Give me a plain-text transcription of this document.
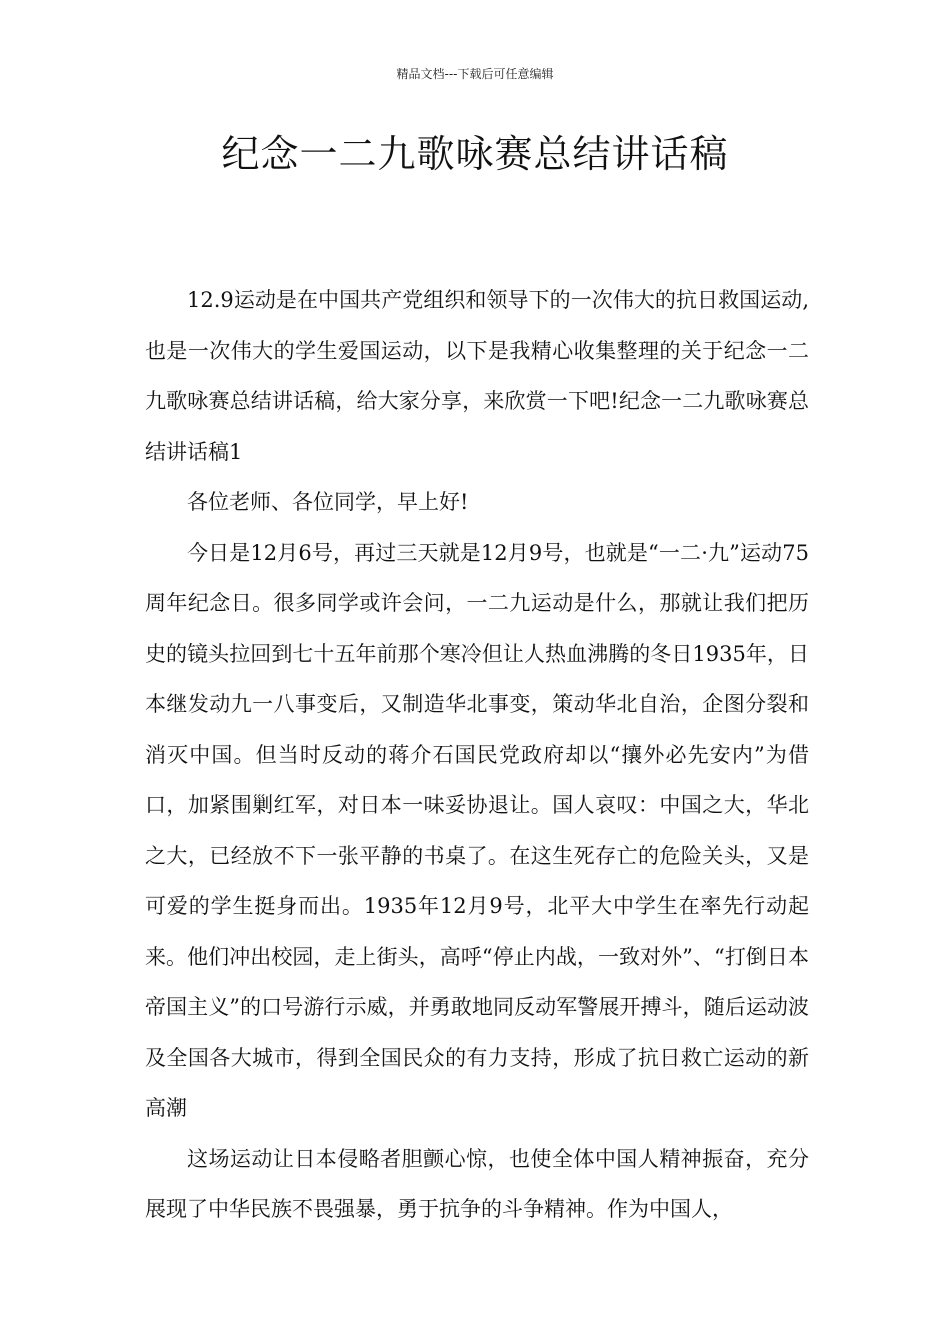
精品文档---下载后可任意编辑
纪念一二九歌咏赛总结讲话稿

12.9运动是在中国共产党组织和领导下的一次伟大的抗日救国运动,也是一次伟大的学生爱国运动，以下是我精心收集整理的关于纪念一二九歌咏赛总结讲话稿，给大家分享，来欣赏一下吧!纪念一二九歌咏赛总结讲话稿1

各位老师、各位同学，早上好!

今日是12月6号，再过三天就是12月9号，也就是“一二·九”运动75周年纪念日。很多同学或许会问，一二九运动是什么，那就让我们把历史的镜头拉回到七十五年前那个寒冷但让人热血沸腾的冬日1935年，日本继发动九一八事变后，又制造华北事变，策动华北自治，企图分裂和消灭中国。但当时反动的蒋介石国民党政府却以“攘外必先安内”为借口，加紧围剿红军，对日本一味妥协退让。国人哀叹：中国之大，华北之大，已经放不下一张平静的书桌了。在这生死存亡的危险关头，又是可爱的学生挺身而出。1935年12月9号，北平大中学生在率先行动起来。他们冲出校园，走上街头，高呼“停止内战，一致对外”、“打倒日本帝国主义”的口号游行示威，并勇敢地同反动军警展开搏斗，随后运动波及全国各大城市，得到全国民众的有力支持，形成了抗日救亡运动的新高潮

这场运动让日本侵略者胆颤心惊，也使全体中国人精神振奋，充分展现了中华民族不畏强暴，勇于抗争的斗争精神。作为中国人，
